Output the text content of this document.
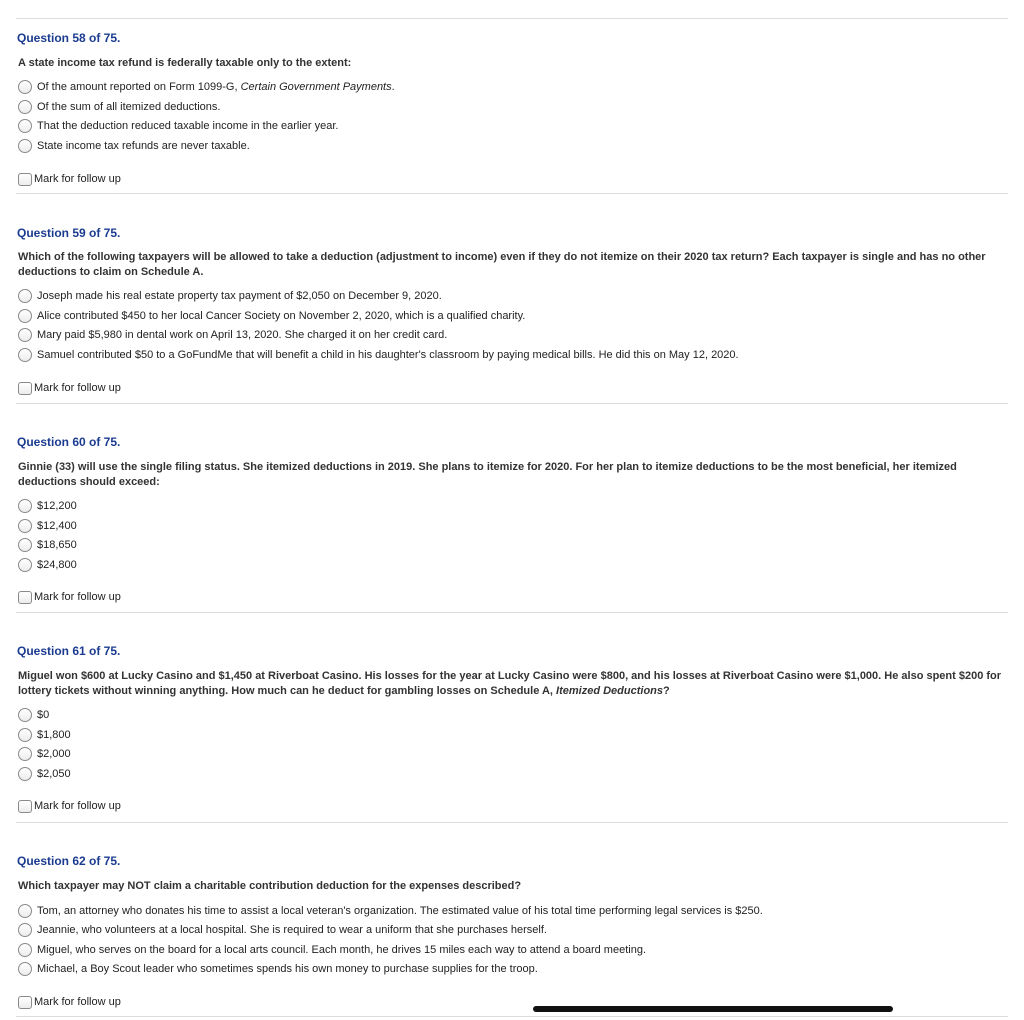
Question 58 of 75.
A state income tax refund is federally taxable only to the extent:
Of the amount reported on Form 1099-G, Certain Government Payments.
Of the sum of all itemized deductions.
That the deduction reduced taxable income in the earlier year.
State income tax refunds are never taxable.
Mark for follow up
Question 59 of 75.
Which of the following taxpayers will be allowed to take a deduction (adjustment to income) even if they do not itemize on their 2020 tax return? Each taxpayer is single and has no other deductions to claim on Schedule A.
Joseph made his real estate property tax payment of $2,050 on December 9, 2020.
Alice contributed $450 to her local Cancer Society on November 2, 2020, which is a qualified charity.
Mary paid $5,980 in dental work on April 13, 2020. She charged it on her credit card.
Samuel contributed $50 to a GoFundMe that will benefit a child in his daughter's classroom by paying medical bills. He did this on May 12, 2020.
Mark for follow up
Question 60 of 75.
Ginnie (33) will use the single filing status. She itemized deductions in 2019. She plans to itemize for 2020. For her plan to itemize deductions to be the most beneficial, her itemized deductions should exceed:
$12,200
$12,400
$18,650
$24,800
Mark for follow up
Question 61 of 75.
Miguel won $600 at Lucky Casino and $1,450 at Riverboat Casino. His losses for the year at Lucky Casino were $800, and his losses at Riverboat Casino were $1,000. He also spent $200 for lottery tickets without winning anything. How much can he deduct for gambling losses on Schedule A, Itemized Deductions?
$0
$1,800
$2,000
$2,050
Mark for follow up
Question 62 of 75.
Which taxpayer may NOT claim a charitable contribution deduction for the expenses described?
Tom, an attorney who donates his time to assist a local veteran's organization. The estimated value of his total time performing legal services is $250.
Jeannie, who volunteers at a local hospital. She is required to wear a uniform that she purchases herself.
Miguel, who serves on the board for a local arts council. Each month, he drives 15 miles each way to attend a board meeting.
Michael, a Boy Scout leader who sometimes spends his own money to purchase supplies for the troop.
Mark for follow up
